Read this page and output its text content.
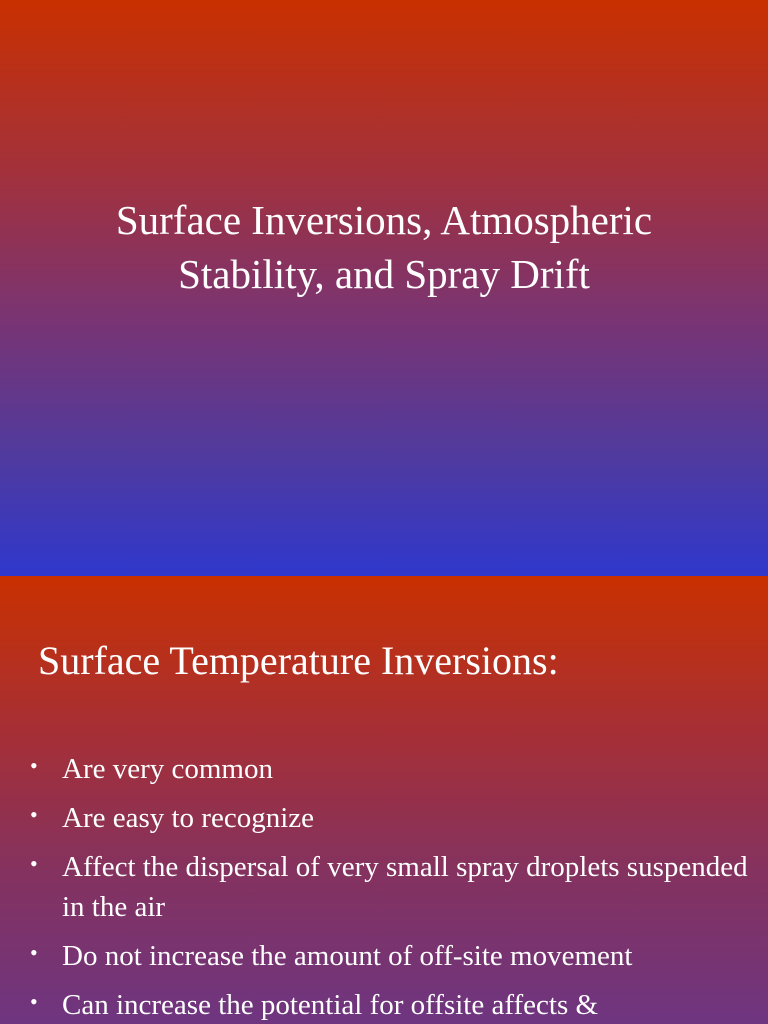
Surface Inversions, Atmospheric
Stability, and Spray Drift
Surface Temperature Inversions:
• Are very common
• Are easy to recognize
• Affect the dispersal of very small spray droplets suspended in the air
• Do not increase the amount of off-site movement
• Can increase the potential for offsite affects &
